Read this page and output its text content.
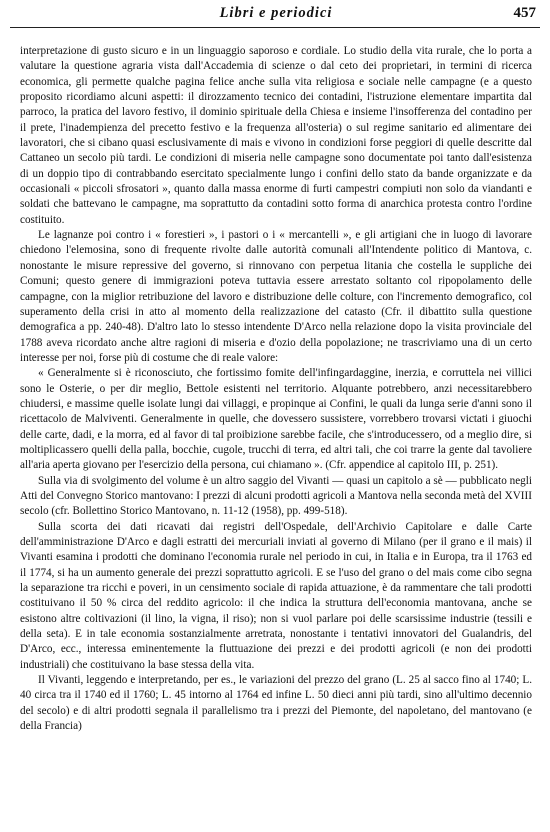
Libri e periodici	457

interpretazione di gusto sicuro e in un linguaggio saporoso e cordiale. Lo studio della vita rurale, che lo porta a valutare la questione agraria vista dall'Accademia di scienze o dal ceto dei proprietari, in termini di ricerca economica, gli permette qualche pagina felice anche sulla vita religiosa e sociale nelle campagne (e a questo proposito ricordiamo alcuni aspetti: il dirozzamento tecnico dei contadini, l'istruzione elementare impartita dal parroco, la pratica del lavoro festivo, il dominio spirituale della Chiesa e insieme l'insofferenza del contadino per il prete, l'inadempienza del precetto festivo e la frequenza all'osteria) o sul regime sanitario ed alimentare dei lavoratori, che si cibano quasi esclusivamente di mais e vivono in condizioni forse peggiori di quelle descritte dal Cattaneo un secolo più tardi. Le condizioni di miseria nelle campagne sono documentate poi tanto dall'esistenza di un doppio tipo di contrabbando esercitato specialmente lungo i confini dello stato da bande organizzate e da occasionali « piccoli sfrosatori », quanto dalla massa enorme di furti campestri compiuti non solo da viandanti e soldati che battevano le campagne, ma soprattutto da contadini sotto forma di anarchica protesta contro l'ordine costituito.

Le lagnanze poi contro i « forestieri », i pastori o i « mercantelli », e gli artigiani che in luogo di lavorare chiedono l'elemosina, sono di frequente rivolte dalle autorità comunali all'Intendente politico di Mantova, c. nonostante le misure repressive del governo, si rinnovano con perpetua litania che costella le suppliche dei Comuni; questo genere di immigrazioni poteva tuttavia essere arrestato soltanto col ripopolamento delle campagne, con la miglior retribuzione del lavoro e distribuzione delle colture, con l'incremento demografico, col superamento della crisi in atto al momento della realizzazione del catasto (Cfr. il dibattito sulla questione demografica a pp. 240-48). D'altro lato lo stesso intendente D'Arco nella relazione dopo la visita provinciale del 1788 aveva ricordato anche altre ragioni di miseria e d'ozio della popolazione; ne trascriviamo una di un certo interesse per noi, forse più di costume che di reale valore:

« Generalmente si è riconosciuto, che fortissimo fomite dell'infingardaggine, inerzia, e corruttela nei villici sono le Osterie, o per dir meglio, Bettole esistenti nel territorio. Alquante potrebbero, anzi necessitarebbero chiudersi, e massime quelle isolate lungi dai villaggi, e propinque ai Confini, le quali da lunga serie d'anni sono il ricettacolo de Malviventi. Generalmente in quelle, che dovessero sussistere, vorrebbero trovarsi victati i giuochi delle carte, dadi, e la morra, ed al favor di tal proibizione sarebbe facile, che s'introducessero, od a meglio dire, si moltiplicassero quelli della palla, bocchie, cugole, trucchi di terra, ed altri tali, che coi trarre la gente dal tavoliere all'aria aperta giovano per l'esercizio della persona, cui chiamano ». (Cfr. appendice al capitolo III, p. 251).

Sulla via di svolgimento del volume è un altro saggio del Vivanti — quasi un capitolo a sè — pubblicato negli Atti del Convegno Storico mantovano: I prezzi di alcuni prodotti agricoli a Mantova nella seconda metà del XVIII secolo (cfr. Bollettino Storico Mantovano, n. 11-12 (1958), pp. 499-518).

Sulla scorta dei dati ricavati dai registri dell'Ospedale, dell'Archivio Capitolare e dalle Carte dell'amministrazione D'Arco e dagli estratti dei mercuriali inviati al governo di Milano (per il grano e il mais) il Vivanti esamina i prodotti che dominano l'economia rurale nel periodo in cui, in Italia e in Europa, tra il 1763 ed il 1774, si ha un aumento generale dei prezzi soprattutto agricoli. E se l'uso del grano o del mais come cibo segna la separazione tra ricchi e poveri, in un censimento sociale di rapida attuazione, è da rammentare che tali prodotti costituivano il 50 % circa del reddito agricolo: il che indica la struttura dell'economia mantovana, anche se esistono altre coltivazioni (il lino, la vigna, il riso); non si vuol parlare poi delle scarsissime industrie (tessili e della seta). E in tale economia sostanzialmente arretrata, nonostante i tentativi innovatori del Gualandris, del D'Arco, ecc., interessa eminentemente la fluttuazione dei prezzi e dei prodotti agricoli (e non dei prodotti industriali) che costituivano la base stessa della vita.

Il Vivanti, leggendo e interpretando, per es., le variazioni del prezzo del grano (L. 25 al sacco fino al 1740; L. 40 circa tra il 1740 ed il 1760; L. 45 intorno al 1764 ed infine L. 50 dieci anni più tardi, sino all'ultimo decennio del secolo) e di altri prodotti segnala il parallelismo tra i prezzi del Piemonte, del napoletano, del mantovano (e della Francia)
